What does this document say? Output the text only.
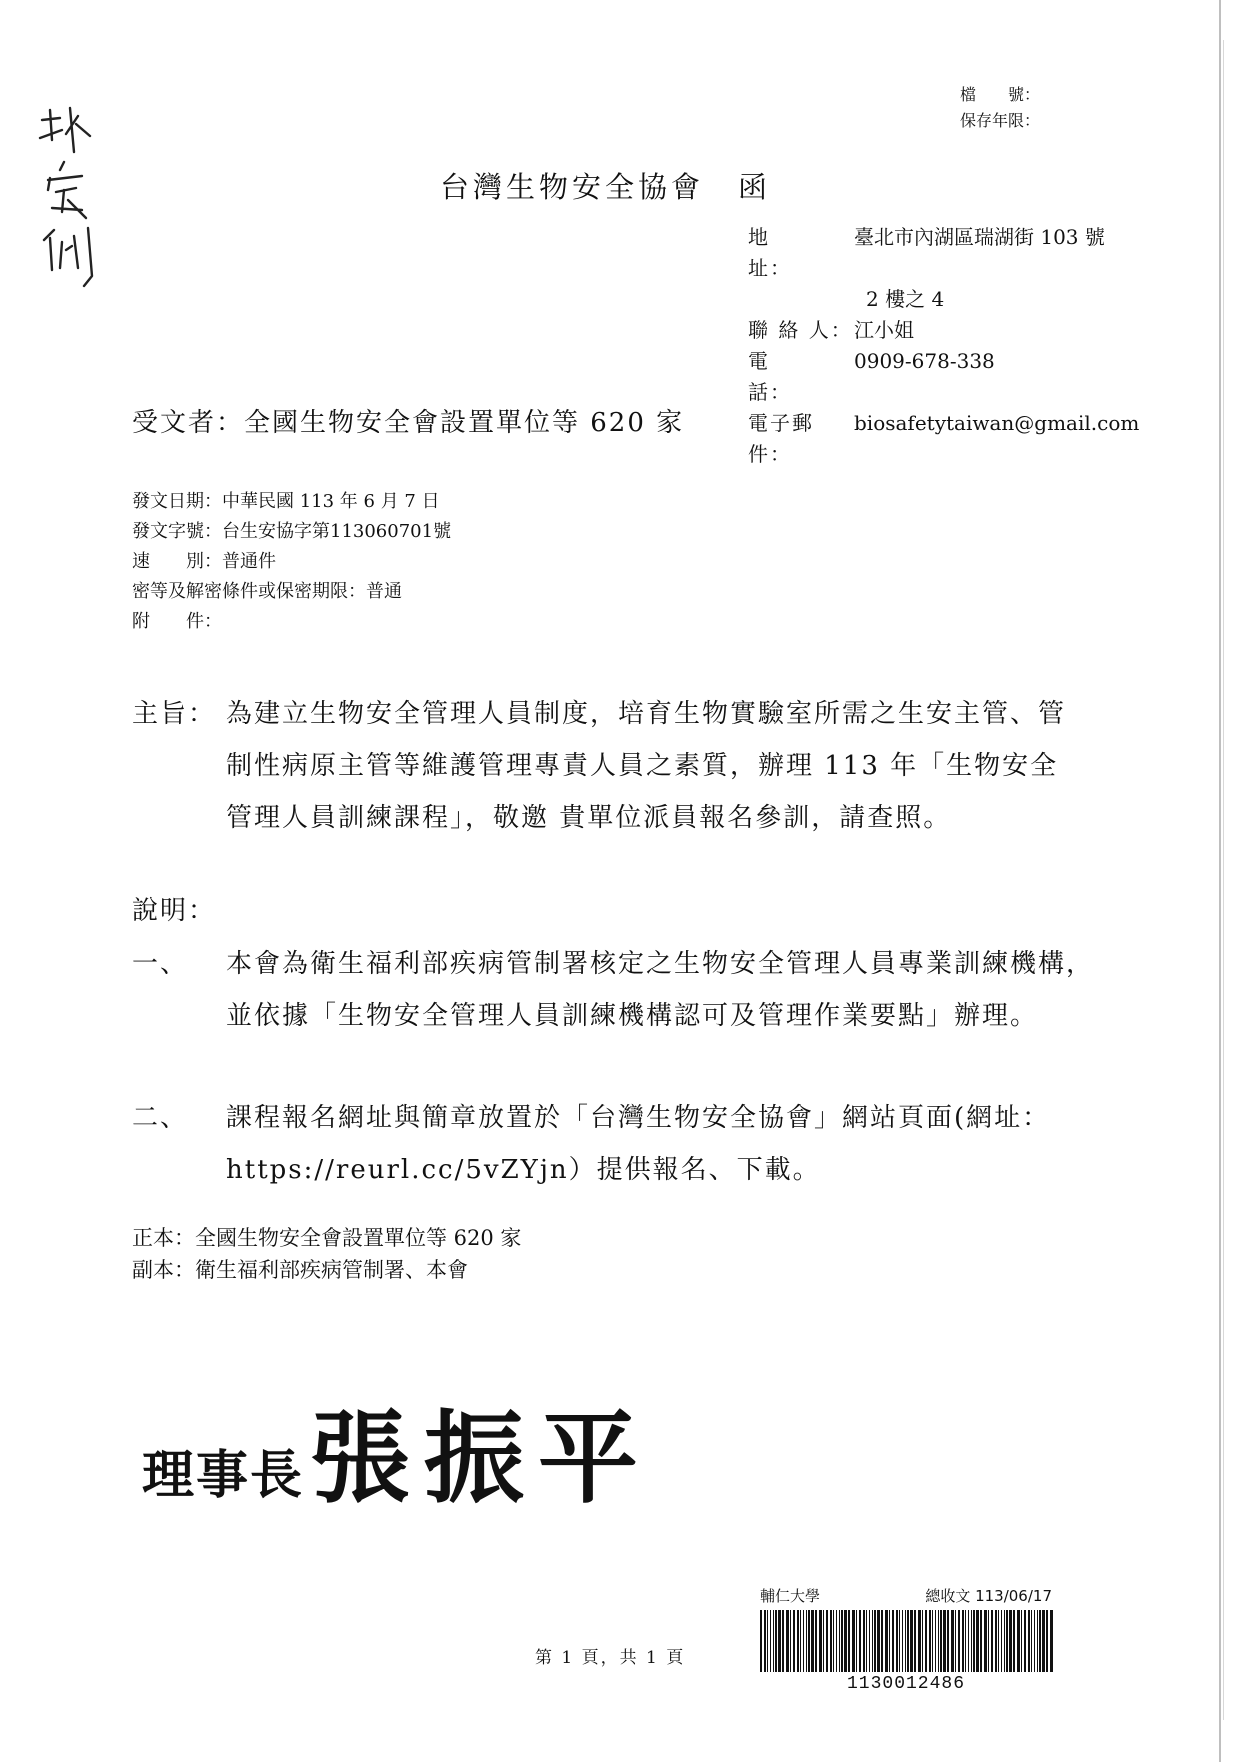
檔　　號：
保存年限：
台灣生物安全協會 函
地　　址：
臺北市內湖區瑞湖街 103 號
2 樓之 4
聯 絡 人： 江小姐
電　　話：
0909-678-338
電子郵件：
biosafetytaiwan@gmail.com
受文者：全國生物安全會設置單位等 620 家
發文日期：中華民國 113 年 6 月 7 日
發文字號：台生安協字第113060701號
速　　別：普通件
密等及解密條件或保密期限：普通
附　　件：
主旨： 為建立生物安全管理人員制度，培育生物實驗室所需之生安主管、管制性病原主管等維護管理專責人員之素質，辦理 113 年「生物安全管理人員訓練課程」，敬邀 貴單位派員報名參訓，請查照。
說明：
一、 本會為衛生福利部疾病管制署核定之生物安全管理人員專業訓練機構，並依據「生物安全管理人員訓練機構認可及管理作業要點」辦理。
二、 課程報名網址與簡章放置於「台灣生物安全協會」網站頁面(網址：https://reurl.cc/5vZYjn）提供報名、下載。
正本：全國生物安全會設置單位等 620 家
副本：衛生福利部疾病管制署、本會
理事長張振平
第 1 頁，共 1 頁
輔仁大學	總收文 113/06/17
1130012486
